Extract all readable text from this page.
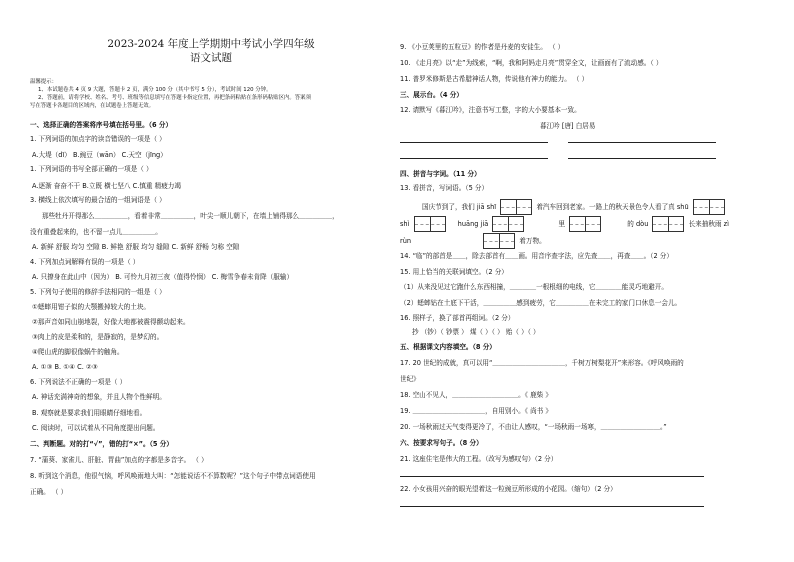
2023-2024 年度上学期期中考试小学四年级
语文试题
温馨提示：
1、本试题卷共 4 页 9 大题，答题卡 2 页，满分 100 分（其中书写 5 分），考试时间 120 分钟。
2、答题前，请将学校、姓名、考号、班级等信息填写在答题卡指定位置，再把条码粘贴在条形码粘贴区内。答案须
写在答题卡各题目的区域内，在试题卷上答题无效。
一、选择正确的答案将序号填在括号里。（6 分）
1. 下列词语的加点字的读音错误的一项是（ ）
A.大堤（dī） B.豌豆（wān） C.天空（jīng）
1. 下列词语的书写全部正确的一项是（ ）
A.逐渐 奋奋不干 B.立既 横七坚八 C.慎重 精疲力竭
3. 横线上依次填写的最合适的一组词语是（ ）
那些牡丹开得那么＿＿＿＿＿，看着非常＿＿＿＿＿，叶尖一顺儿朝下，在墙上铺得那么＿＿＿＿＿，
没有重叠起来的，也不留一点儿＿＿＿＿＿。
A. 新鲜 舒服 均匀 空隙 B. 鲜艳 舒服 均匀 缝隙 C. 新鲜 舒畅 匀称 空隙
4. 下列加点词解释有误的一项是（ ）
A. 只撩身在此山中（因为） B. 可怜九月初三夜（值得怜悯） C. 梅雪争春未肯降（服输）
5. 下列句子使用的修辞手法相同的一组是（ ）
①蟋蟀用钳子似的大颚搬掉较大的土块。
②那声音如同山崩地裂，好像大地都被震得颤动起来。
③肉上的皮是柔和的，是静寂的，是梦幻的。
④爬山虎的脚很像蜗牛的触角。
A. ①③ B. ①④ C. ②③
6. 下列说法不正确的一项是（ ）
A. 神话充满神奇的想象，并且人物个性鲜明。
B. 观察就是要求我们用眼睛仔细地看。
C. 阅读时，可以试着从不同角度提出问题。
二、判断题。对的打“√”，错的打“×”。（5 分）
7. “蒲葵、家雀儿、肝脏、胃曲”加点的字都是多音字。 （ ）
8. 听到这个消息，他很气恼，呼风唤雨地大叫：“怎能说话不不算数呢？”这个句子中带点词语使用
正确。 （ ）
9. 《小豆荚里的五粒豆》的作者是丹麦的安徒生。 （ ）
10. 《走月亮》以“走”为线索，“啊，我和阿妈走月亮”贯穿全文，让画面有了流动感。（ ）
11. 普罗米修斯是古希腊神话人物，传说他有神力的能力。 （ ）
三、展示台。（4 分）
12. 请默写《暮江吟》，注意书写工整，字的大小要基本一致。
暮江吟 [唐] 白居易
四、拼音与字词。（11 分）
13. 看拼音，写词语。（5 分）
国庆节到了，我们 jiā shī	着汽车回到老家。一路上的秋天景色令人看了真 shū
shì	huāng jiā	里	的 dòu	长来抽秋雨 zì
rùn	着万物。
14. “临”的部首是＿＿，除去部首有＿＿画。用音序查字法，应先查＿＿，再查＿＿。（2 分）
15. 用上恰当的关联词填空。（2 分）
（1）从来没见过它跑什么东西相撞，＿＿＿＿一根根细的电线，它＿＿＿＿能灵巧地避开。
（2）蟋蟀钻在土底下干活，＿＿＿＿＿感到疲劳，它＿＿＿＿＿在未完工的家门口休息一会儿。
16. 照样子，换了部首再组词。（2 分）
抄 （钞）（ 钞票 ） 煤（ ）（ ） 贻（ ）（ ）
五、根据课文内容填空。（8 分）
17. 20 世纪的成就，真可以用“＿＿＿＿＿＿＿＿＿＿＿，千树万树梨花开”来形容。《呼风唤雨的
世纪》
18. 空山不见人，＿＿＿＿＿＿＿＿＿＿。《 鹿柴 》
19. ＿＿＿＿＿＿＿＿＿＿＿，自用别小。《 尚书 》
20. 一场秋雨过天气变得更冷了，不由让人感叹，“一场秋雨一场寒，＿＿＿＿＿＿＿＿＿。”
六、按要求写句子。（8 分）
21. 这座住宅是伟大的工程。（改写为感叹句）（2 分）
22. 小女孩用兴奋的眼光望着这一粒豌豆所形成的小花园。（缩句）（2 分）
